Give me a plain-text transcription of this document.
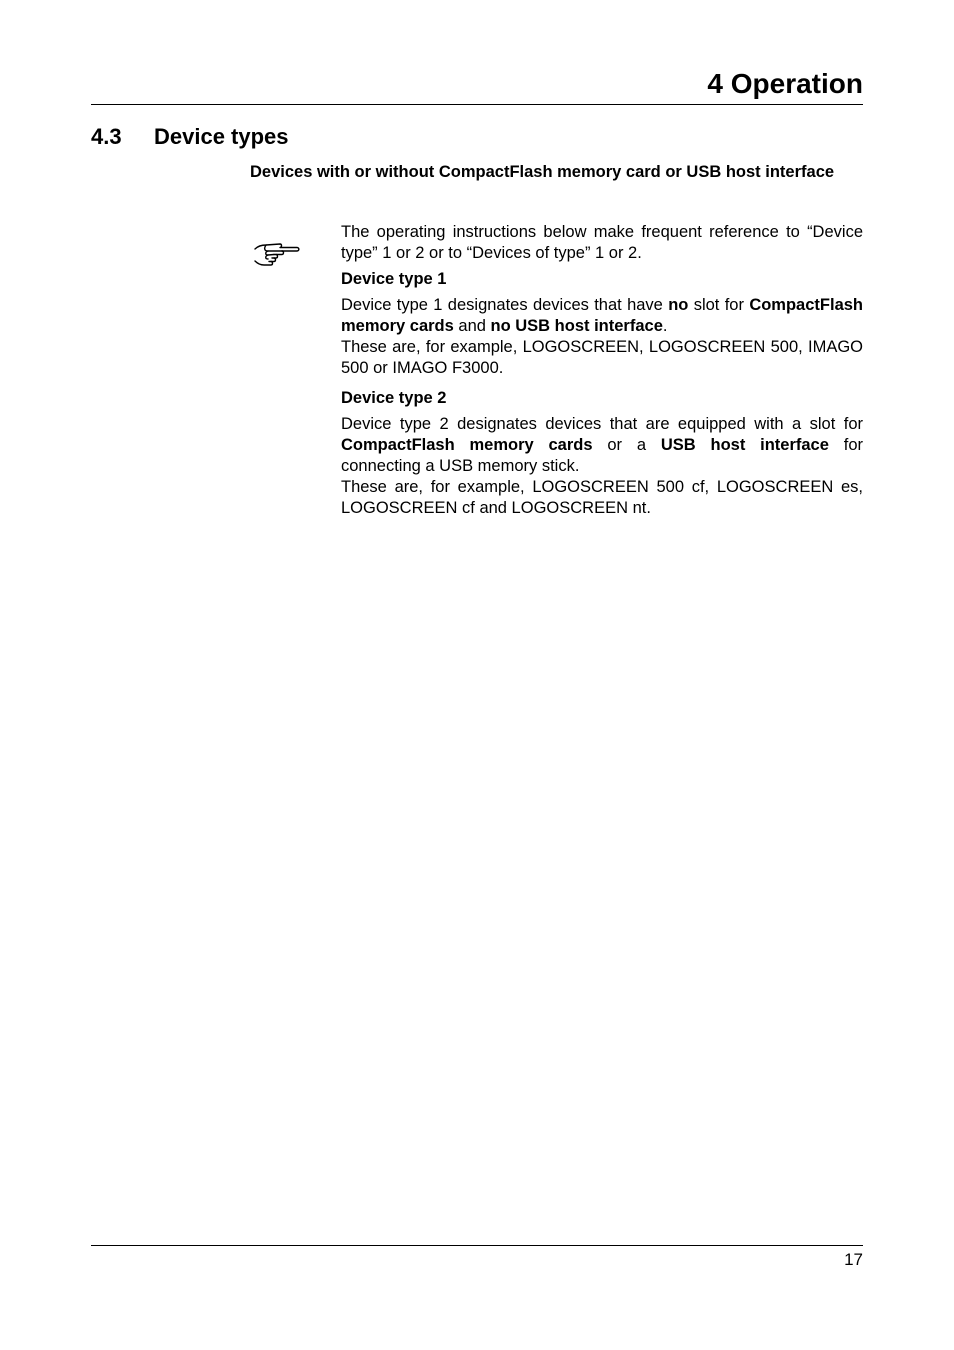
4 Operation
4.3 Device types

Devices with or without CompactFlash memory card or USB host interface

The operating instructions below make frequent reference to “Device type” 1 or 2 or to “Devices of type” 1 or 2.

Device type 1

Device type 1 designates devices that have no slot for CompactFlash memory cards and no USB host interface.

These are, for example, LOGOSCREEN, LOGOSCREEN 500, IMAGO 500 or IMAGO F3000.

Device type 2

Device type 2 designates devices that are equipped with a slot for CompactFlash memory cards or a USB host interface for connecting a USB memory stick.

These are, for example, LOGOSCREEN 500 cf, LOGOSCREEN es, LOGOSCREEN cf and LOGOSCREEN nt.

17
